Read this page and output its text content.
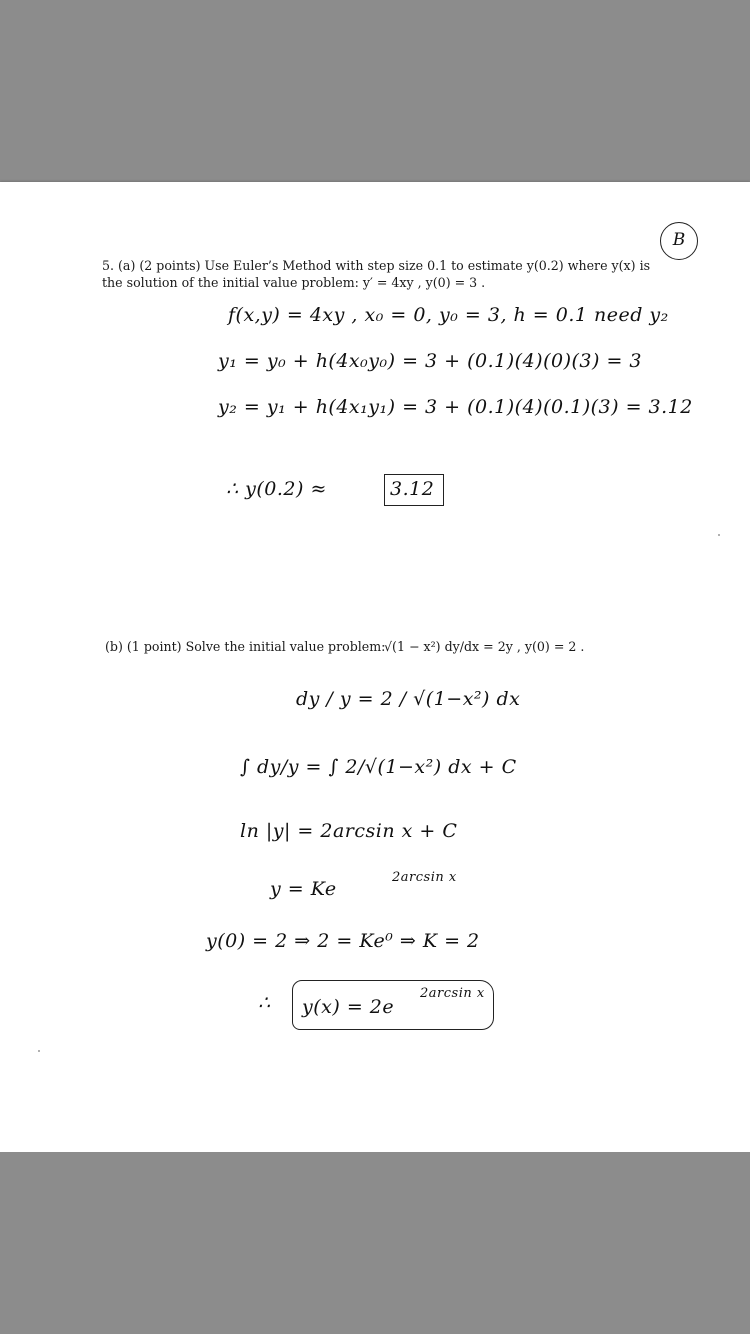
B

5. (a) (2 points) Use Euler’s Method with step size 0.1 to estimate y(0.2) where y(x) is

the solution of the initial value problem: y′ = 4xy , y(0) = 3 .

f(x,y) = 4xy , x₀ = 0, y₀ = 3, h = 0.1 need y₂

y₁ = y₀ + h(4x₀y₀) = 3 + (0.1)(4)(0)(3) = 3

y₂ = y₁ + h(4x₁y₁) = 3 + (0.1)(4)(0.1)(3) = 3.12

∴ y(0.2) ≈	3.12

(b) (1 point) Solve the initial value problem:

√(1 − x²) dy/dx = 2y , y(0) = 2 .

dy / y = 2 / √(1−x²) dx

∫ dy/y = ∫ 2/√(1−x²) dx + C

ln |y| = 2arcsin x + C

y = Ke

2arcsin x

y(0) = 2 ⇒ 2 = Ke⁰ ⇒ K = 2

∴ y(x) = 2e

2arcsin x
